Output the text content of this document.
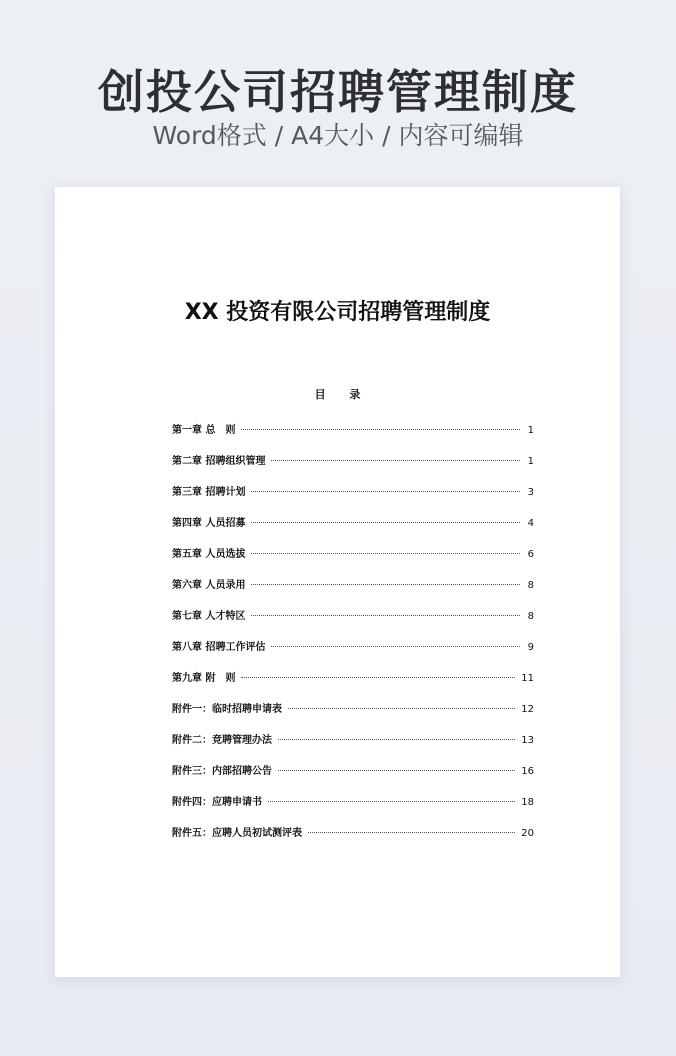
创投公司招聘管理制度
Word格式 / A4大小 / 内容可编辑
XX 投资有限公司招聘管理制度
目 录
第一章 总　则	1
第二章 招聘组织管理	1
第三章 招聘计划	3
第四章 人员招募	4
第五章 人员选拔	6
第六章 人员录用	8
第七章 人才特区	8
第八章 招聘工作评估	9
第九章 附　则	11
附件一：临时招聘申请表	12
附件二：竞聘管理办法	13
附件三：内部招聘公告	16
附件四：应聘申请书	18
附件五：应聘人员初试测评表	20
